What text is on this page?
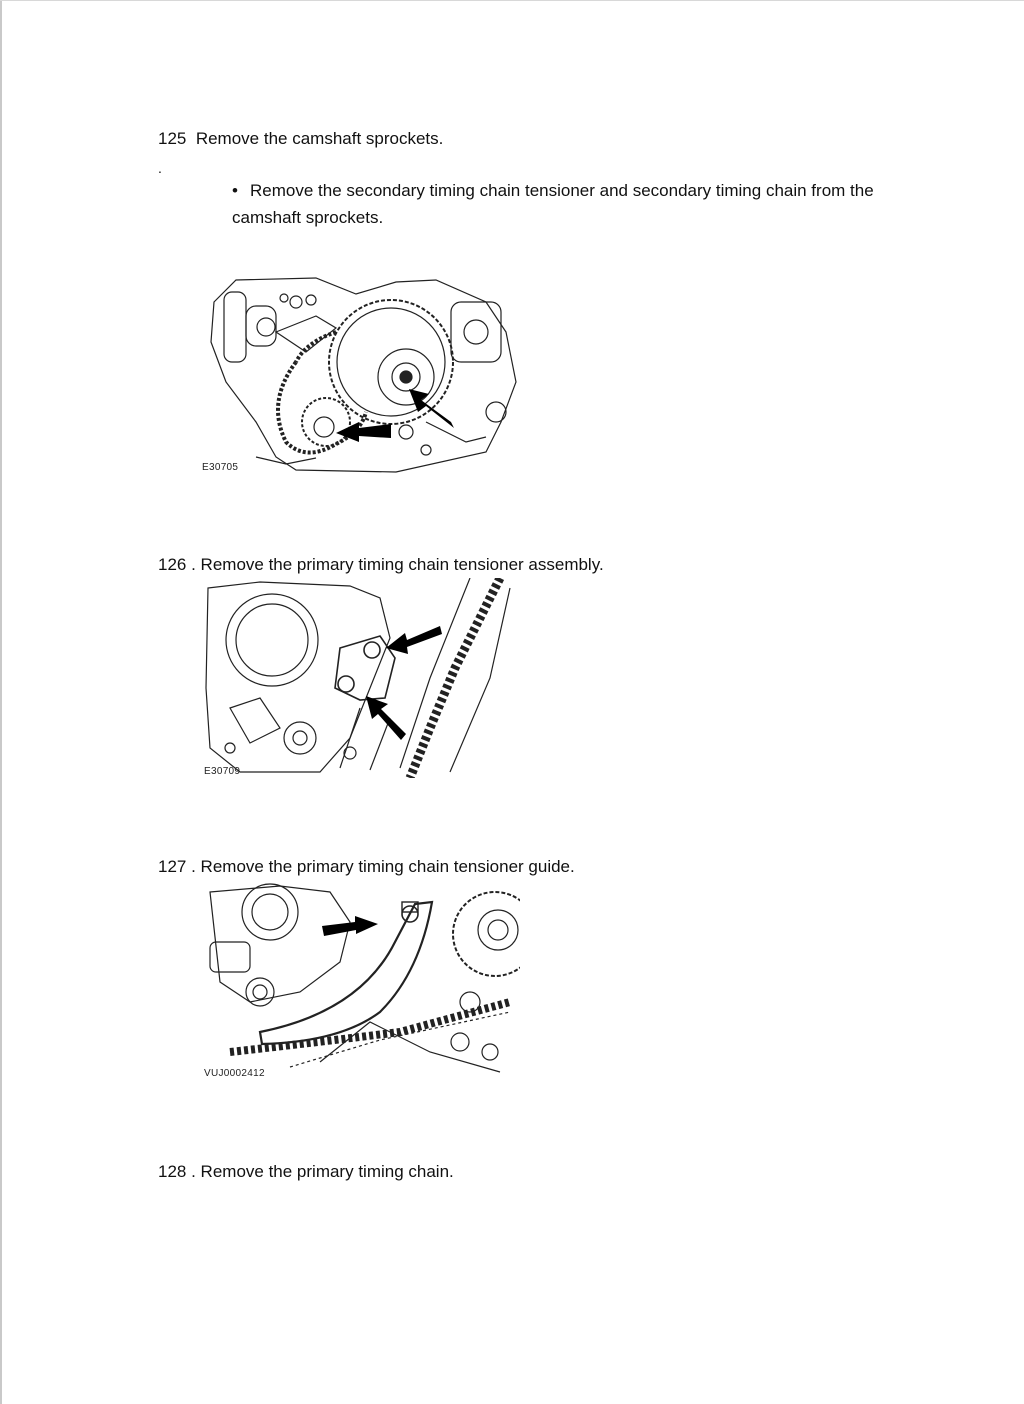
125 Remove the camshaft sprockets.
.
• Remove the secondary timing chain tensioner and secondary timing chain from the
camshaft sprockets.
E30705
126 . Remove the primary timing chain tensioner assembly.
E30709
127 . Remove the primary timing chain tensioner guide.
VUJ0002412
128 . Remove the primary timing chain.
